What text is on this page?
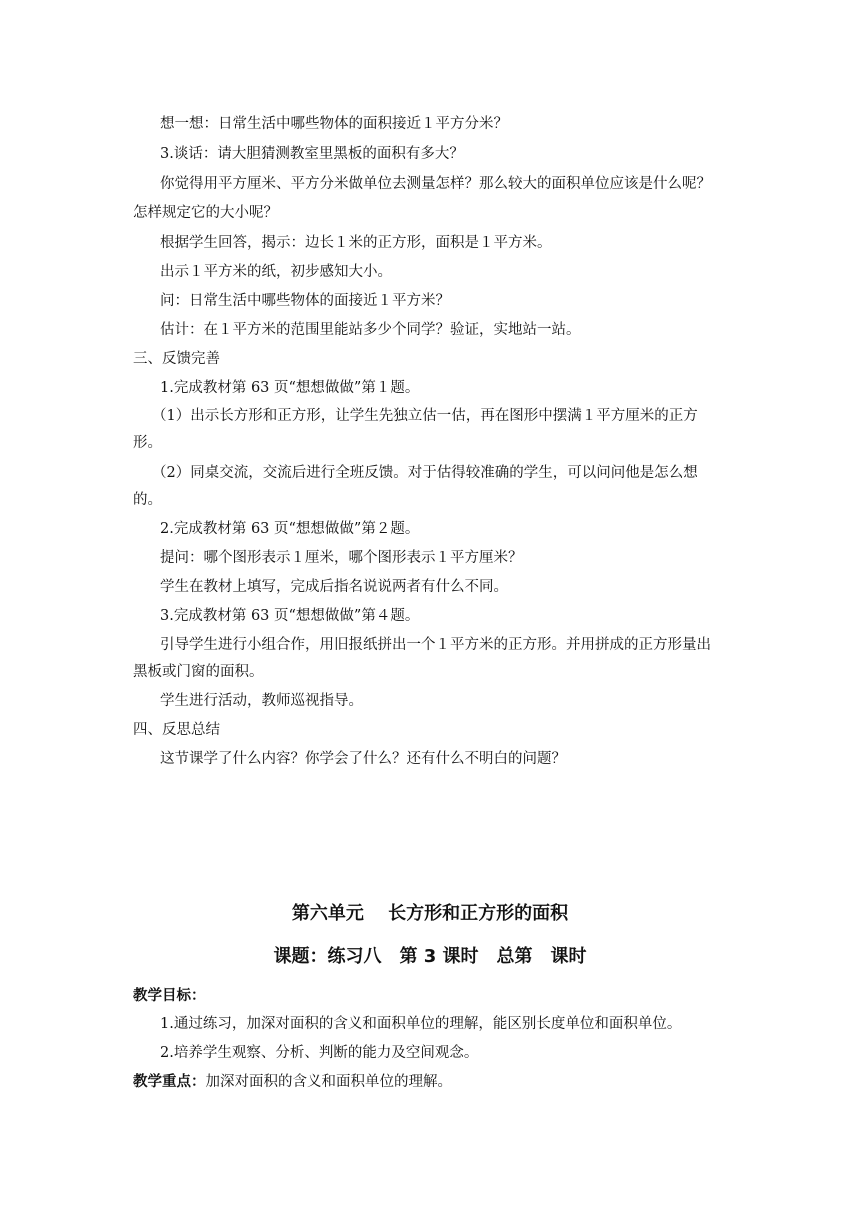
想一想：日常生活中哪些物体的面积接近１平方分米？
3.谈话：请大胆猜测教室里黑板的面积有多大？
你觉得用平方厘米、平方分米做单位去测量怎样？那么较大的面积单位应该是什么呢？
怎样规定它的大小呢？
根据学生回答，揭示：边长１米的正方形，面积是１平方米。
出示１平方米的纸，初步感知大小。
问：日常生活中哪些物体的面接近１平方米？
估计：在１平方米的范围里能站多少个同学？验证，实地站一站。
三、反馈完善
1.完成教材第 63 页“想想做做”第１题。
（1）出示长方形和正方形，让学生先独立估一估，再在图形中摆满１平方厘米的正方
形。
（2）同桌交流，交流后进行全班反馈。对于估得较准确的学生，可以问问他是怎么想
的。
2.完成教材第 63 页“想想做做”第２题。
提问：哪个图形表示１厘米，哪个图形表示１平方厘米？
学生在教材上填写，完成后指名说说两者有什么不同。
3.完成教材第 63 页“想想做做”第４题。
引导学生进行小组合作，用旧报纸拼出一个１平方米的正方形。并用拼成的正方形量出
黑板或门窗的面积。
学生进行活动，教师巡视指导。
四、反思总结
这节课学了什么内容？你学会了什么？还有什么不明白的问题？
第六单元　 长方形和正方形的面积
课题：练习八　第 3 课时　总第　课时
教学目标：
1.通过练习，加深对面积的含义和面积单位的理解，能区别长度单位和面积单位。
2.培养学生观察、分析、判断的能力及空间观念。
教学重点：加深对面积的含义和面积单位的理解。
